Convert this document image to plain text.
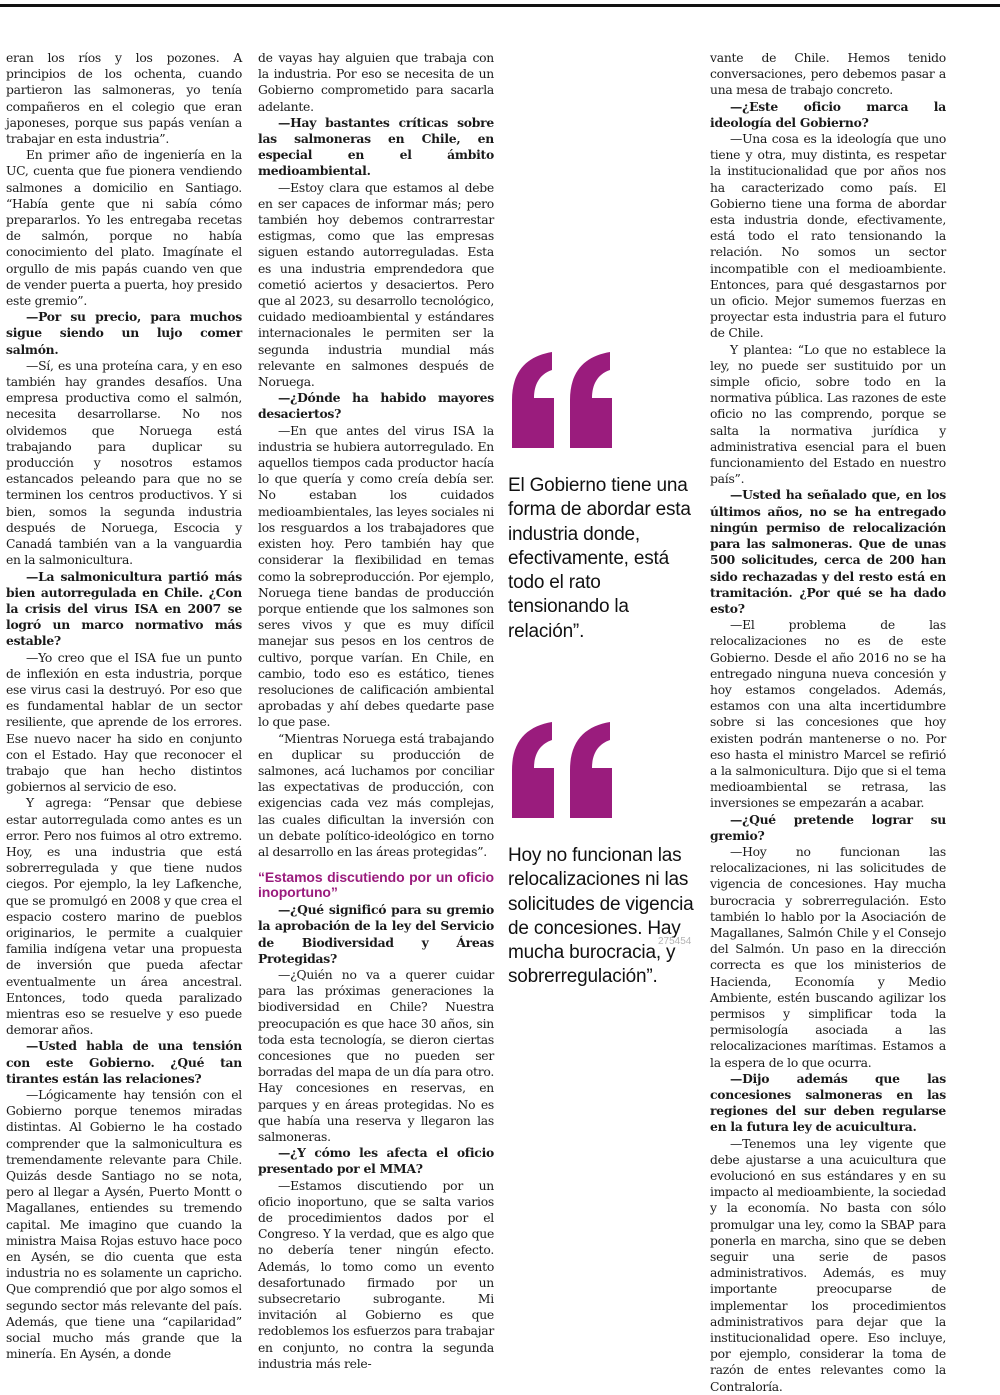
eran los ríos y los pozones. A principios de los ochenta, cuando partieron las salmoneras, yo tenía compañeros en el colegio que eran japoneses, porque sus papás venían a trabajar en esta industria”.

En primer año de ingeniería en la UC, cuenta que fue pionera vendiendo salmones a domicilio en Santiago. “Había gente que ni sabía cómo prepararlos. Yo les entregaba recetas de salmón, porque no había conocimiento del plato. Imagínate el orgullo de mis papás cuando ven que de vender puerta a puerta, hoy presido este gremio”.

—Por su precio, para muchos sigue siendo un lujo comer salmón.

—Sí, es una proteína cara, y en eso también hay grandes desafíos. Una empresa productiva como el salmón, necesita desarrollarse. No nos olvidemos que Noruega está trabajando para duplicar su producción y nosotros estamos estancados peleando para que no se terminen los centros productivos. Y si bien, somos la segunda industria después de Noruega, Escocia y Canadá también van a la vanguardia en la salmonicultura.

—La salmonicultura partió más bien autorregulada en Chile. ¿Con la crisis del virus ISA en 2007 se logró un marco normativo más estable?

—Yo creo que el ISA fue un punto de inflexión en esta industria, porque ese virus casi la destruyó. Por eso que es fundamental hablar de un sector resiliente, que aprende de los errores. Ese nuevo nacer ha sido en conjunto con el Estado. Hay que reconocer el trabajo que han hecho distintos gobiernos al servicio de eso.

Y agrega: “Pensar que debiese estar autorregulada como antes es un error. Pero nos fuimos al otro extremo. Hoy, es una industria que está sobrerregulada y que tiene nudos ciegos. Por ejemplo, la ley Lafkenche, que se promulgó en 2008 y que crea el espacio costero marino de pueblos originarios, le permite a cualquier familia indígena vetar una propuesta de inversión que pueda afectar eventualmente un área ancestral. Entonces, todo queda paralizado mientras eso se resuelve y eso puede demorar años.

—Usted habla de una tensión con este Gobierno. ¿Qué tan tirantes están las relaciones?

—Lógicamente hay tensión con el Gobierno porque tenemos miradas distintas. Al Gobierno le ha costado comprender que la salmonicultura es tremendamente relevante para Chile. Quizás desde Santiago no se nota, pero al llegar a Aysén, Puerto Montt o Magallanes, entiendes su tremendo capital. Me imagino que cuando la ministra Maisa Rojas estuvo hace poco en Aysén, se dio cuenta que esta industria no es solamente un capricho. Que comprendió que por algo somos el segundo sector más relevante del país. Además, que tiene una “capilaridad” social mucho más grande que la minería. En Aysén, a donde

de vayas hay alguien que trabaja con la industria. Por eso se necesita de un Gobierno comprometido para sacarla adelante.

—Hay bastantes críticas sobre las salmoneras en Chile, en especial en el ámbito medioambiental.

—Estoy clara que estamos al debe en ser capaces de informar más; pero también hoy debemos contrarrestar estigmas, como que las empresas siguen estando autorreguladas. Esta es una industria emprendedora que cometió aciertos y desaciertos. Pero que al 2023, su desarrollo tecnológico, cuidado medioambiental y estándares internacionales le permiten ser la segunda industria mundial más relevante en salmones después de Noruega.

—¿Dónde ha habido mayores desaciertos?

—En que antes del virus ISA la industria se hubiera autorregulado. En aquellos tiempos cada productor hacía lo que quería y como creía debía ser. No estaban los cuidados medioambientales, las leyes sociales ni los resguardos a los trabajadores que existen hoy. Pero también hay que considerar la flexibilidad en temas como la sobreproducción. Por ejemplo, Noruega tiene bandas de producción porque entiende que los salmones son seres vivos y que es muy difícil manejar sus pesos en los centros de cultivo, porque varían. En Chile, en cambio, todo eso es estático, tienes resoluciones de calificación ambiental aprobadas y ahí debes quedarte pase lo que pase.

“Mientras Noruega está trabajando en duplicar su producción de salmones, acá luchamos por conciliar las expectativas de producción, con exigencias cada vez más complejas, las cuales dificultan la inversión con un debate político-ideológico en torno al desarrollo en las áreas protegidas”.

“Estamos discutiendo por un oficio inoportuno”

—¿Qué significó para su gremio la aprobación de la ley del Servicio de Biodiversidad y Áreas Protegidas?

—¿Quién no va a querer cuidar para las próximas generaciones la biodiversidad en Chile? Nuestra preocupación es que hace 30 años, sin toda esta tecnología, se dieron ciertas concesiones que no pueden ser borradas del mapa de un día para otro. Hay concesiones en reservas, en parques y en áreas protegidas. No es que había una reserva y llegaron las salmoneras.

—¿Y cómo les afecta el oficio presentado por el MMA?

—Estamos discutiendo por un oficio inoportuno, que se salta varios de procedimientos dados por el Congreso. Y la verdad, que es algo que no debería tener ningún efecto. Además, lo tomo como un evento desafortunado firmado por un subsecretario subrogante. Mi invitación al Gobierno es que redoblemos los esfuerzos para trabajar en conjunto, no contra la segunda industria más rele-

vante de Chile. Hemos tenido conversaciones, pero debemos pasar a una mesa de trabajo concreto.

—¿Este oficio marca la ideología del Gobierno?

—Una cosa es la ideología que uno tiene y otra, muy distinta, es respetar la institucionalidad que por años nos ha caracterizado como país. El Gobierno tiene una forma de abordar esta industria donde, efectivamente, está todo el rato tensionando la relación. No somos un sector incompatible con el medioambiente. Entonces, para qué desgastarnos por un oficio. Mejor sumemos fuerzas en proyectar esta industria para el futuro de Chile.

Y plantea: “Lo que no establece la ley, no puede ser sustituido por un simple oficio, sobre todo en la normativa pública. Las razones de este oficio no las comprendo, porque se salta la normativa jurídica y administrativa esencial para el buen funcionamiento del Estado en nuestro país”.

—Usted ha señalado que, en los últimos años, no se ha entregado ningún permiso de relocalización para las salmoneras. Que de unas 500 solicitudes, cerca de 200 han sido rechazadas y del resto está en tramitación. ¿Por qué se ha dado esto?

—El problema de las relocalizaciones no es de este Gobierno. Desde el año 2016 no se ha entregado ninguna nueva concesión y hoy estamos congelados. Además, estamos con una alta incertidumbre sobre si las concesiones que hoy existen podrán mantenerse o no. Por eso hasta el ministro Marcel se refirió a la salmonicultura. Dijo que si el tema medioambiental se retrasa, las inversiones se empezarán a acabar.

—¿Qué pretende lograr su gremio?

—Hoy no funcionan las relocalizaciones, ni las solicitudes de vigencia de concesiones. Hay mucha burocracia y sobrerregulación. Esto también lo hablo por la Asociación de Magallanes, Salmón Chile y el Consejo del Salmón. Un paso en la dirección correcta es que los ministerios de Hacienda, Economía y Medio Ambiente, estén buscando agilizar los permisos y simplificar toda la permisología asociada a las relocalizaciones marítimas. Estamos a la espera de lo que ocurra.

—Dijo además que las concesiones salmoneras en las regiones del sur deben regularse en la futura ley de acuicultura.

—Tenemos una ley vigente que debe ajustarse a una acuicultura que evolucionó en sus estándares y en su impacto al medioambiente, la sociedad y la economía. No basta con sólo promulgar una ley, como la SBAP para ponerla en marcha, sino que se deben seguir una serie de pasos administrativos. Además, es muy importante preocuparse de implementar los procedimientos administrativos para dejar que la institucionalidad opere. Eso incluye, por ejemplo, considerar la toma de razón de entes relevantes como la Contraloría.

El Gobierno tiene una forma de abordar esta industria donde, efectivamente, está todo el rato tensionando la relación”.
Hoy no funcionan las relocalizaciones ni las solicitudes de vigencia de concesiones. Hay mucha burocracia, y sobrerregulación”.
275454
